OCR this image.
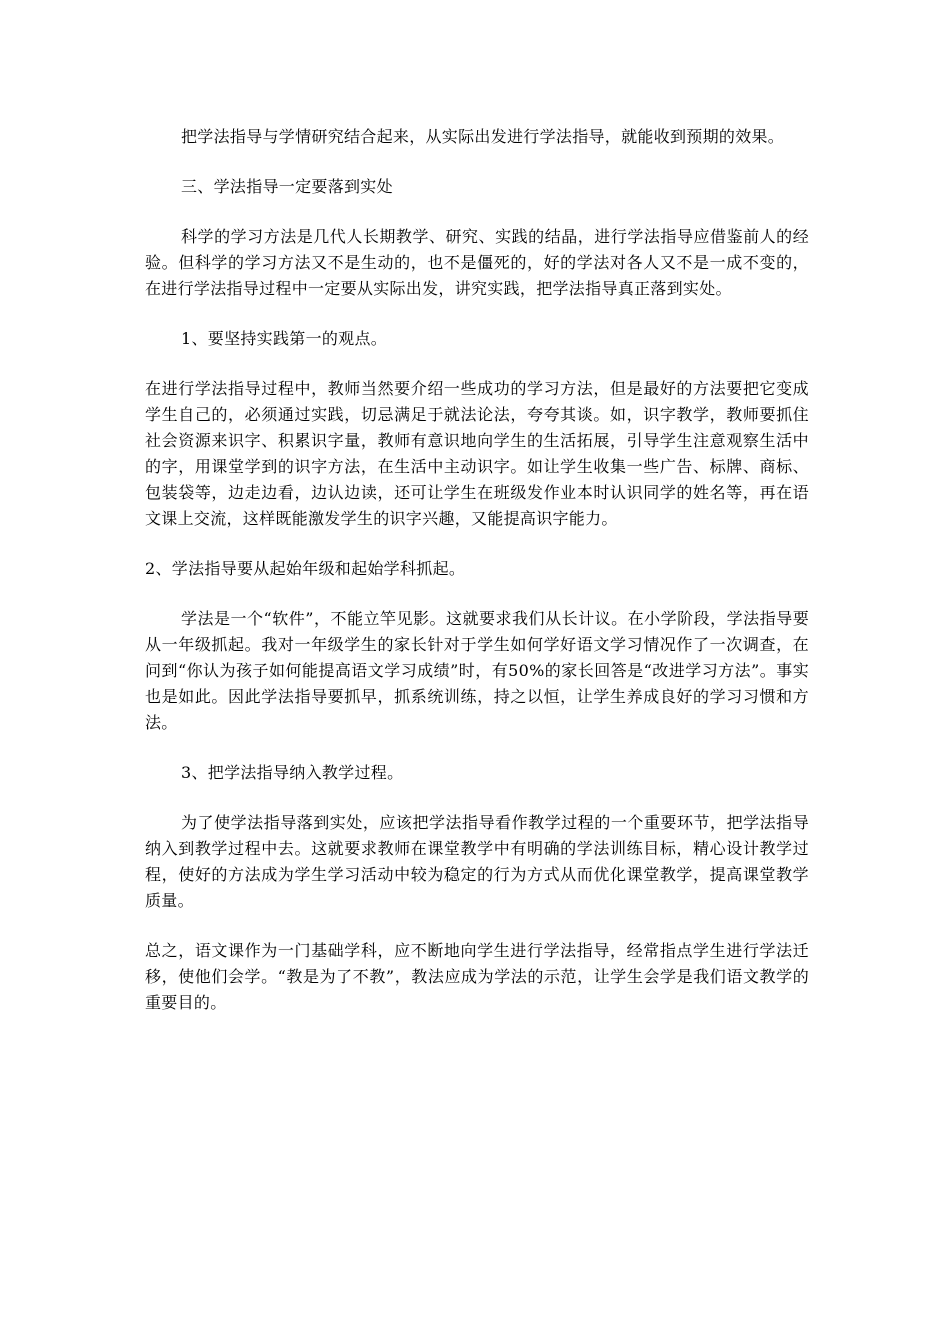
把学法指导与学情研究结合起来，从实际出发进行学法指导，就能收到预期的效果。

三、学法指导一定要落到实处

科学的学习方法是几代人长期教学、研究、实践的结晶，进行学法指导应借鉴前人的经验。但科学的学习方法又不是生动的，也不是僵死的，好的学法对各人又不是一成不变的，在进行学法指导过程中一定要从实际出发，讲究实践，把学法指导真正落到实处。

1、要坚持实践第一的观点。

在进行学法指导过程中，教师当然要介绍一些成功的学习方法，但是最好的方法要把它变成学生自己的，必须通过实践，切忌满足于就法论法，夸夸其谈。如，识字教学，教师要抓住社会资源来识字、积累识字量，教师有意识地向学生的生活拓展，引导学生注意观察生活中的字，用课堂学到的识字方法，在生活中主动识字。如让学生收集一些广告、标牌、商标、包装袋等，边走边看，边认边读，还可让学生在班级发作业本时认识同学的姓名等，再在语文课上交流，这样既能激发学生的识字兴趣，又能提高识字能力。

2、学法指导要从起始年级和起始学科抓起。

学法是一个“软件”，不能立竿见影。这就要求我们从长计议。在小学阶段，学法指导要从一年级抓起。我对一年级学生的家长针对于学生如何学好语文学习情况作了一次调查，在问到“你认为孩子如何能提高语文学习成绩”时，有50%的家长回答是“改进学习方法”。事实也是如此。因此学法指导要抓早，抓系统训练，持之以恒，让学生养成良好的学习习惯和方法。

3、把学法指导纳入教学过程。

为了使学法指导落到实处，应该把学法指导看作教学过程的一个重要环节，把学法指导纳入到教学过程中去。这就要求教师在课堂教学中有明确的学法训练目标，精心设计教学过程，使好的方法成为学生学习活动中较为稳定的行为方式从而优化课堂教学，提高课堂教学质量。

总之，语文课作为一门基础学科，应不断地向学生进行学法指导，经常指点学生进行学法迁移，使他们会学。“教是为了不教”，教法应成为学法的示范，让学生会学是我们语文教学的重要目的。
